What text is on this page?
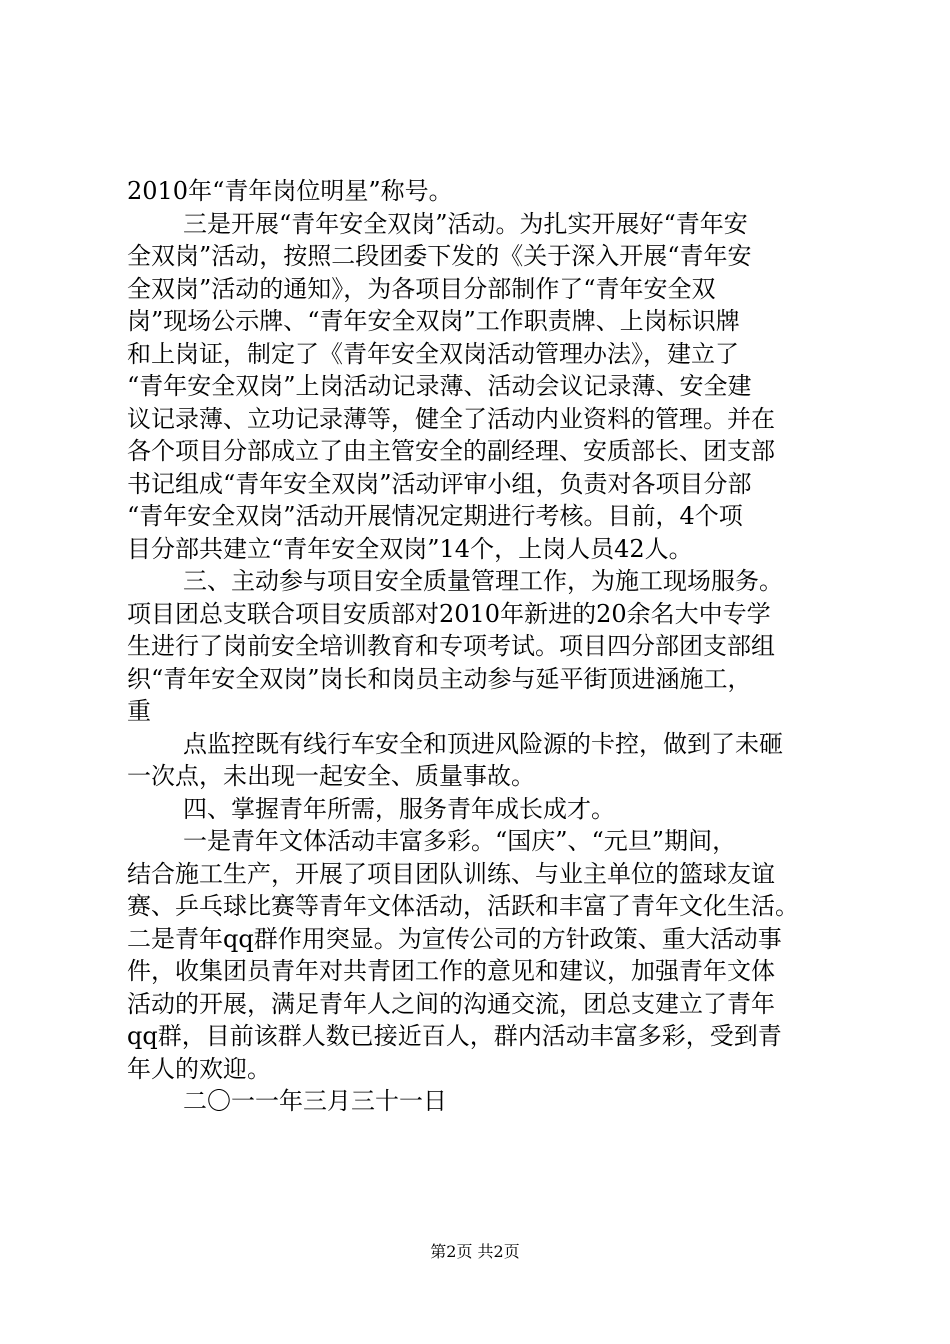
2010年“青年岗位明星”称号。
三是开展“青年安全双岗”活动。为扎实开展好“青年安
全双岗”活动，按照二段团委下发的《关于深入开展“青年安
全双岗”活动的通知》，为各项目分部制作了“青年安全双
岗”现场公示牌、“青年安全双岗”工作职责牌、上岗标识牌
和上岗证，制定了《青年安全双岗活动管理办法》，建立了
“青年安全双岗”上岗活动记录薄、活动会议记录薄、安全建
议记录薄、立功记录薄等，健全了活动内业资料的管理。并在
各个项目分部成立了由主管安全的副经理、安质部长、团支部
书记组成“青年安全双岗”活动评审小组，负责对各项目分部
“青年安全双岗”活动开展情况定期进行考核。目前，4个项
目分部共建立“青年安全双岗”14个，上岗人员42人。
三、主动参与项目安全质量管理工作，为施工现场服务。
项目团总支联合项目安质部对2010年新进的20余名大中专学
生进行了岗前安全培训教育和专项考试。项目四分部团支部组
织“青年安全双岗”岗长和岗员主动参与延平街顶进涵施工，
重
点监控既有线行车安全和顶进风险源的卡控，做到了未砸
一次点，未出现一起安全、质量事故。
四、掌握青年所需，服务青年成长成才。
一是青年文体活动丰富多彩。“国庆”、“元旦”期间，
结合施工生产，开展了项目团队训练、与业主单位的篮球友谊
赛、乒乓球比赛等青年文体活动，活跃和丰富了青年文化生活。
二是青年qq群作用突显。为宣传公司的方针政策、重大活动事
件，收集团员青年对共青团工作的意见和建议，加强青年文体
活动的开展，满足青年人之间的沟通交流，团总支建立了青年
qq群，目前该群人数已接近百人，群内活动丰富多彩，受到青
年人的欢迎。
二〇一一年三月三十一日
第2页 共2页
